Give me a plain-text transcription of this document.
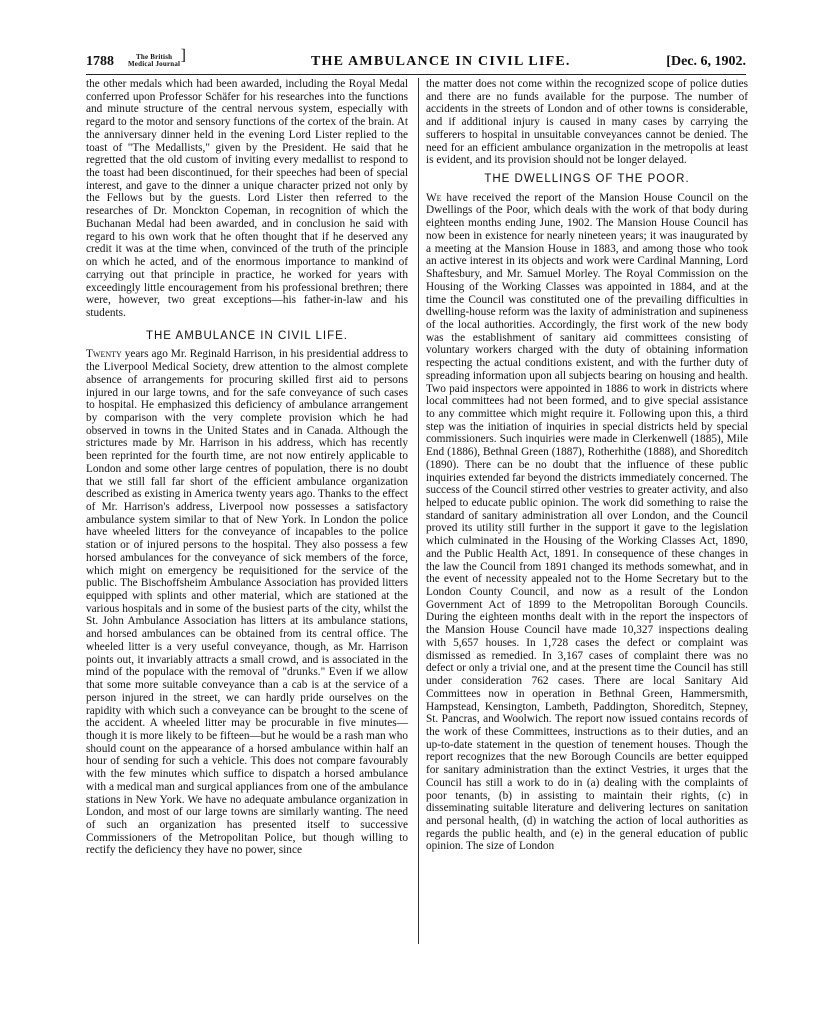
1788	The British
Medical Journal ]	THE AMBULANCE IN CIVIL LIFE.	[Dec. 6, 1902.

the other medals which had been awarded, including the Royal Medal conferred upon Professor Schäfer for his researches into the functions and minute structure of the central nervous system, especially with regard to the motor and sensory functions of the cortex of the brain. At the anniversary dinner held in the evening Lord Lister replied to the toast of "The Medallists," given by the President. He said that he regretted that the old custom of inviting every medallist to respond to the toast had been discontinued, for their speeches had been of special interest, and gave to the dinner a unique character prized not only by the Fellows but by the guests. Lord Lister then referred to the researches of Dr. Monckton Copeman, in recognition of which the Buchanan Medal had been awarded, and in conclusion he said with regard to his own work that he often thought that if he deserved any credit it was at the time when, convinced of the truth of the principle on which he acted, and of the enormous importance to mankind of carrying out that principle in practice, he worked for years with exceedingly little encouragement from his professional brethren; there were, however, two great exceptions—his father-in-law and his students.

THE AMBULANCE IN CIVIL LIFE.

Twenty years ago Mr. Reginald Harrison, in his presidential address to the Liverpool Medical Society, drew attention to the almost complete absence of arrangements for procuring skilled first aid to persons injured in our large towns, and for the safe conveyance of such cases to hospital. He emphasized this deficiency of ambulance arrangement by comparison with the very complete provision which he had observed in towns in the United States and in Canada. Although the strictures made by Mr. Harrison in his address, which has recently been reprinted for the fourth time, are not now entirely applicable to London and some other large centres of population, there is no doubt that we still fall far short of the efficient ambulance organization described as existing in America twenty years ago. Thanks to the effect of Mr. Harrison's address, Liverpool now possesses a satisfactory ambulance system similar to that of New York. In London the police have wheeled litters for the conveyance of incapables to the police station or of injured persons to the hospital. They also possess a few horsed ambulances for the conveyance of sick members of the force, which might on emergency be requisitioned for the service of the public. The Bischoffsheim Ambulance Association has provided litters equipped with splints and other material, which are stationed at the various hospitals and in some of the busiest parts of the city, whilst the St. John Ambulance Association has litters at its ambulance stations, and horsed ambulances can be obtained from its central office. The wheeled litter is a very useful conveyance, though, as Mr. Harrison points out, it invariably attracts a small crowd, and is associated in the mind of the populace with the removal of "drunks." Even if we allow that some more suitable conveyance than a cab is at the service of a person injured in the street, we can hardly pride ourselves on the rapidity with which such a conveyance can be brought to the scene of the accident. A wheeled litter may be procurable in five minutes—though it is more likely to be fifteen—but he would be a rash man who should count on the appearance of a horsed ambulance within half an hour of sending for such a vehicle. This does not compare favourably with the few minutes which suffice to dispatch a horsed ambulance with a medical man and surgical appliances from one of the ambulance stations in New York. We have no adequate ambulance organization in London, and most of our large towns are similarly wanting. The need of such an organization has presented itself to successive Commissioners of the Metropolitan Police, but though willing to rectify the deficiency they have no power, since

the matter does not come within the recognized scope of police duties and there are no funds available for the purpose. The number of accidents in the streets of London and of other towns is considerable, and if additional injury is caused in many cases by carrying the sufferers to hospital in unsuitable conveyances cannot be denied. The need for an efficient ambulance organization in the metropolis at least is evident, and its provision should not be longer delayed.

THE DWELLINGS OF THE POOR.

We have received the report of the Mansion House Council on the Dwellings of the Poor, which deals with the work of that body during eighteen months ending June, 1902. The Mansion House Council has now been in existence for nearly nineteen years; it was inaugurated by a meeting at the Mansion House in 1883, and among those who took an active interest in its objects and work were Cardinal Manning, Lord Shaftesbury, and Mr. Samuel Morley. The Royal Commission on the Housing of the Working Classes was appointed in 1884, and at the time the Council was constituted one of the prevailing difficulties in dwelling-house reform was the laxity of administration and supineness of the local authorities. Accordingly, the first work of the new body was the establishment of sanitary aid committees consisting of voluntary workers charged with the duty of obtaining information respecting the actual conditions existent, and with the further duty of spreading information upon all subjects bearing on housing and health. Two paid inspectors were appointed in 1886 to work in districts where local committees had not been formed, and to give special assistance to any committee which might require it. Following upon this, a third step was the initiation of inquiries in special districts held by special commissioners. Such inquiries were made in Clerkenwell (1885), Mile End (1886), Bethnal Green (1887), Rotherhithe (1888), and Shoreditch (1890). There can be no doubt that the influence of these public inquiries extended far beyond the districts immediately concerned. The success of the Council stirred other vestries to greater activity, and also helped to educate public opinion. The work did something to raise the standard of sanitary administration all over London, and the Council proved its utility still further in the support it gave to the legislation which culminated in the Housing of the Working Classes Act, 1890, and the Public Health Act, 1891. In consequence of these changes in the law the Council from 1891 changed its methods somewhat, and in the event of necessity appealed not to the Home Secretary but to the London County Council, and now as a result of the London Government Act of 1899 to the Metropolitan Borough Councils. During the eighteen months dealt with in the report the inspectors of the Mansion House Council have made 10,327 inspections dealing with 5,657 houses. In 1,728 cases the defect or complaint was dismissed as remedied. In 3,167 cases of complaint there was no defect or only a trivial one, and at the present time the Council has still under consideration 762 cases. There are local Sanitary Aid Committees now in operation in Bethnal Green, Hammersmith, Hampstead, Kensington, Lambeth, Paddington, Shoreditch, Stepney, St. Pancras, and Woolwich. The report now issued contains records of the work of these Committees, instructions as to their duties, and an up-to-date statement in the question of tenement houses. Though the report recognizes that the new Borough Councils are better equipped for sanitary administration than the extinct Vestries, it urges that the Council has still a work to do in (a) dealing with the complaints of poor tenants, (b) in assisting to maintain their rights, (c) in disseminating suitable literature and delivering lectures on sanitation and personal health, (d) in watching the action of local authorities as regards the public health, and (e) in the general education of public opinion. The size of London
